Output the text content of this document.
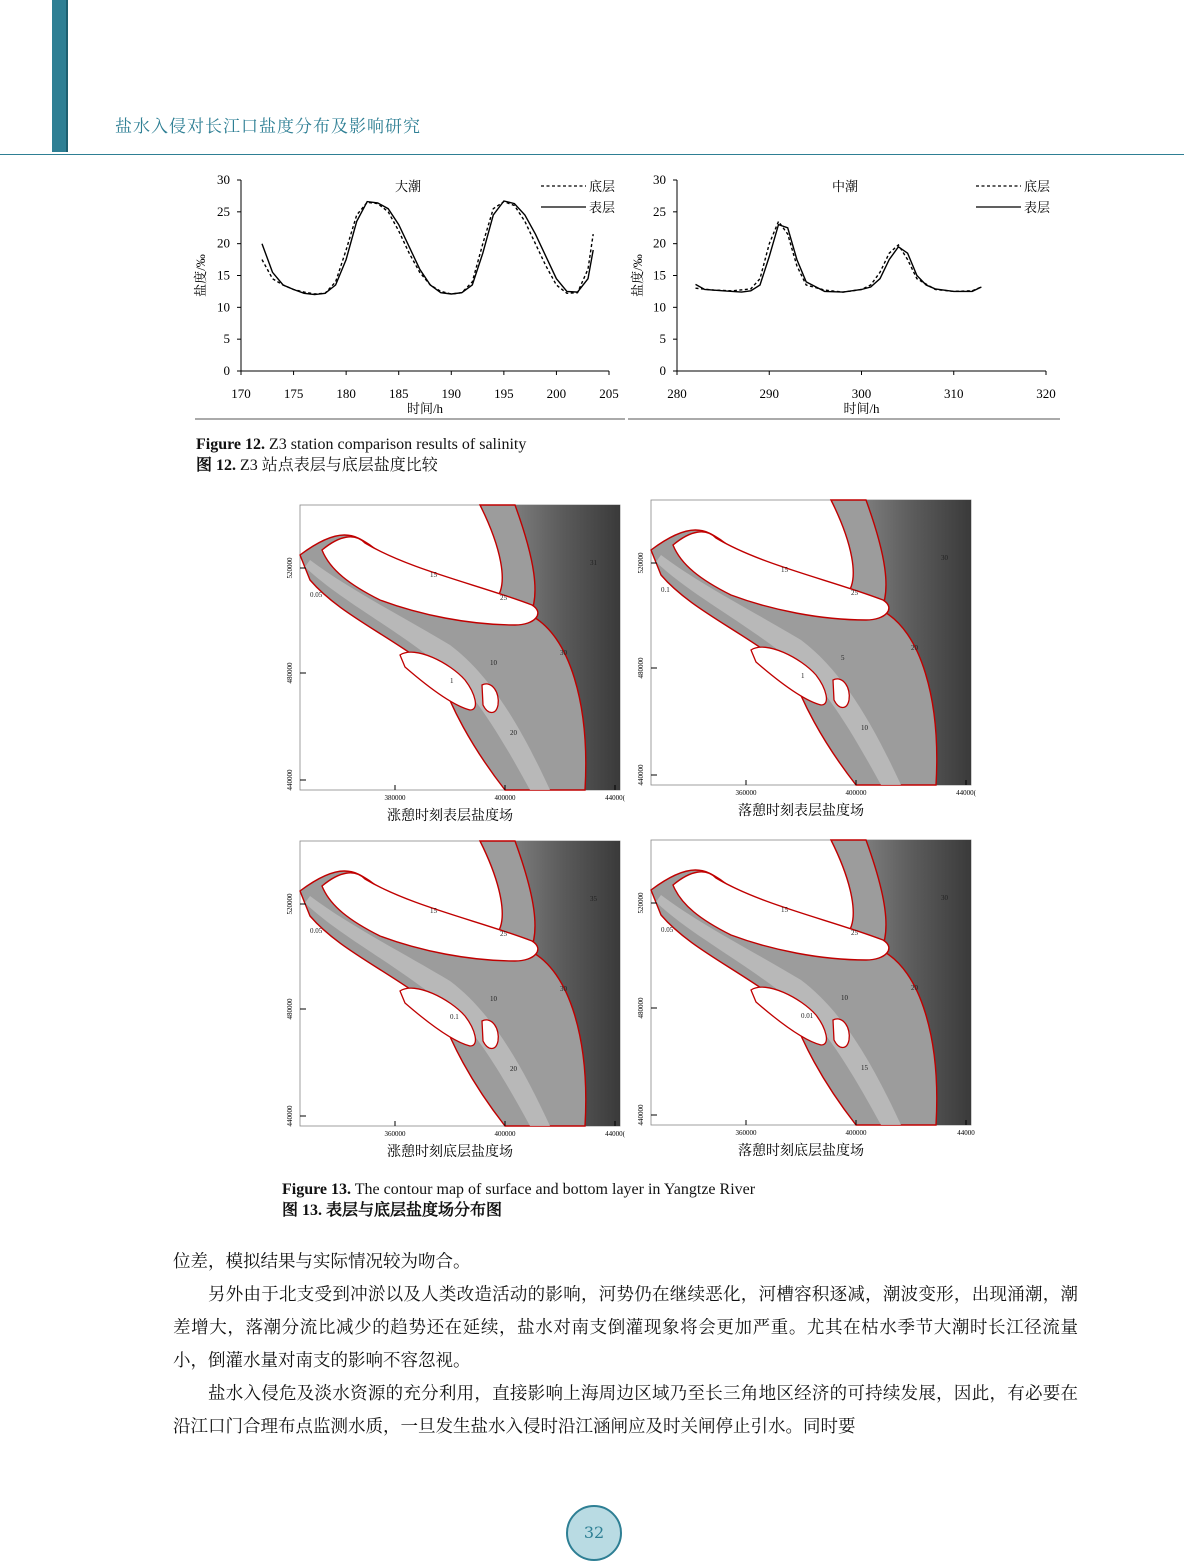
盐水入侵对长江口盐度分布及影响研究
0
5
10
15
20
25
30
170	175	180	185	190	195	200	205
时间/h
盐度/‰
大潮	底层
表层
0
5
10
15
20
25
30
280	290	300	310	320
时间/h
盐度/‰
中潮	底层
表层
Figure 12. Z3 station comparison results of salinity
图 12. Z3 站点表层与底层盐度比较
0.05
1
10
20
30
31
25
15
520000
480000
440000
380000	400000	44000(
涨憩时刻表层盐度场
0.1
1
5
10
20
30
25
15
520000
480000
440000
360000	400000	44000(
落憩时刻表层盐度场
0.05
0.1
10
20
30
35
25
15
520000
480000
440000
360000	400000	44000(
涨憩时刻底层盐度场
0.05
0.01
10
15
20
30
25
15
520000
480000
440000
360000	400000	44000
落憩时刻底层盐度场
Figure 13. The contour map of surface and bottom layer in Yangtze River
图 13. 表层与底层盐度场分布图

位差，模拟结果与实际情况较为吻合。

另外由于北支受到冲淤以及人类改造活动的影响，河势仍在继续恶化，河槽容积逐减，潮波变形，出现涌潮，潮差增大，落潮分流比减少的趋势还在延续，盐水对南支倒灌现象将会更加严重。尤其在枯水季节大潮时长江径流量小，倒灌水量对南支的影响不容忽视。

盐水入侵危及淡水资源的充分利用，直接影响上海周边区域乃至长三角地区经济的可持续发展，因此，有必要在沿江口门合理布点监测水质，一旦发生盐水入侵时沿江涵闸应及时关闸停止引水。同时要

32
